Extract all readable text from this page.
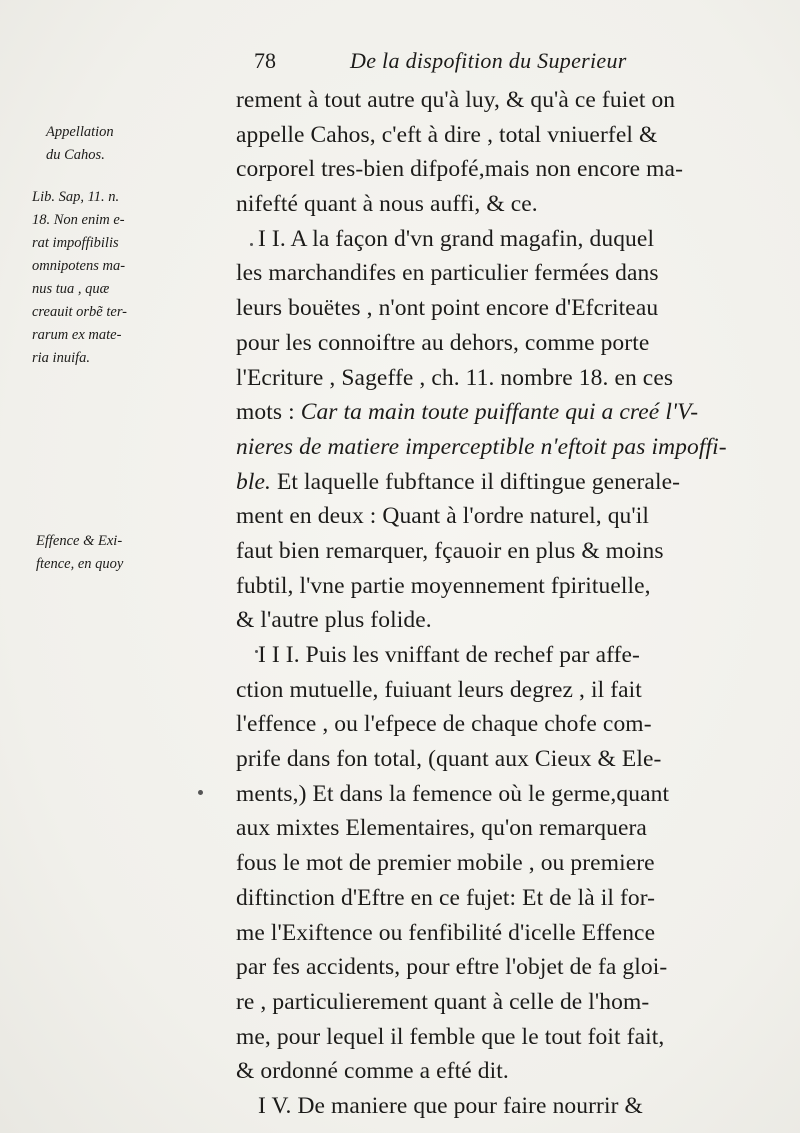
78	De la dispofition du Superieur
Appellation
du Cahos.
Lib. Sap, 11. n.
18. Non enim e-
rat impoffibilis
omnipotens ma-
nus tua , quæ
creauit orbẽ ter-
rarum ex mate-
ria inuifa.
Effence & Exi-
ftence, en quoy
rement à tout autre qu'à luy, & qu'à ce fuiet on
appelle Cahos, c'eft à dire , total vniuerfel &
corporel tres-bien difpofé,mais non encore ma-
nifefté quant à nous auffi, & ce.
I I. A la façon d'vn grand magafin, duquel
les marchandifes en particulier fermées dans
leurs bouëtes , n'ont point encore d'Efcriteau
pour les connoiftre au dehors, comme porte
l'Ecriture , Sageffe , ch. 11. nombre 18. en ces
mots : Car ta main toute puiffante qui a creé l'V-
nieres de matiere imperceptible n'eftoit pas impoffi-
ble. Et laquelle fubftance il diftingue generale-
ment en deux : Quant à l'ordre naturel, qu'il
faut bien remarquer, fçauoir en plus & moins
fubtil, l'vne partie moyennement fpirituelle,
& l'autre plus folide.
I I I. Puis les vniffant de rechef par affe-
ction mutuelle, fuiuant leurs degrez , il fait
l'effence , ou l'efpece de chaque chofe com-
prife dans fon total, (quant aux Cieux & Ele-
ments,) Et dans la femence où le germe,quant
aux mixtes Elementaires, qu'on remarquera
fous le mot de premier mobile , ou premiere
diftinction d'Eftre en ce fujet: Et de là il for-
me l'Exiftence ou fenfibilité d'icelle Effence
par fes accidents, pour eftre l'objet de fa gloi-
re , particulierement quant à celle de l'hom-
me, pour lequel il femble que le tout foit fait,
& ordonné comme a efté dit.
I V. De maniere que pour faire nourrir &
